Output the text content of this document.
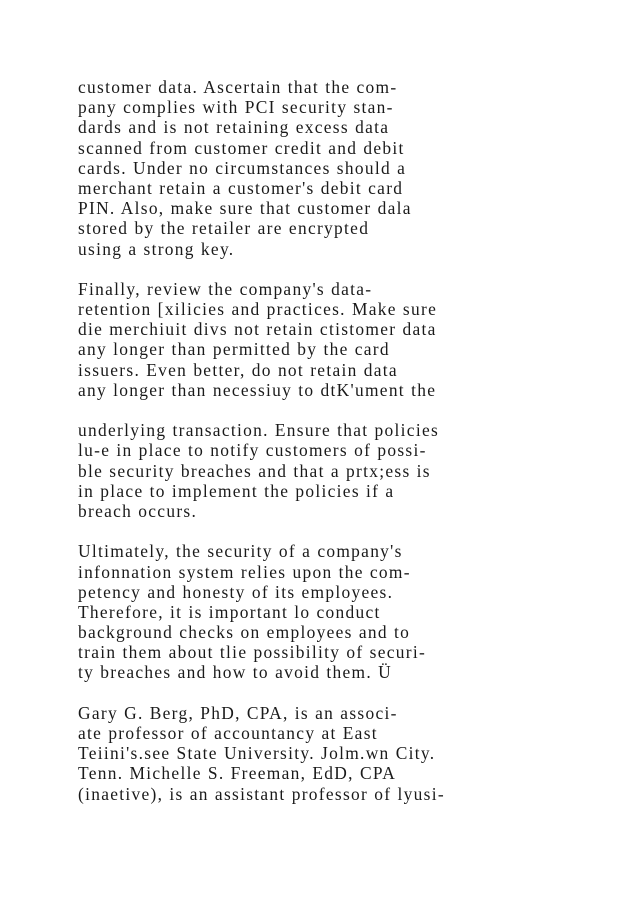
customer data. Ascertain that the com-
pany complies with PCI security stan-
dards and is not retaining excess data
scanned from customer credit and debit
cards. Under no circumstances should a
merchant retain a customer's debit card
PIN. Also, make sure that customer dala
stored by the retailer are encrypted
using a strong key.
Finally, review the company's data-
retention [xilicies and practices. Make sure
die merchiuit divs not retain ctistomer data
any longer than permitted by the card
issuers. Even better, do not retain data
any longer than necessiuy to dtK'ument the
underlying transaction. Ensure that policies
lu-e in place to notify customers of possi-
ble security breaches and that a prtx;ess is
in place to implement the policies if a
breach occurs.
Ultimately, the security of a company's
infonnation system relies upon the com-
petency and honesty of its employees.
Therefore, it is important lo conduct
background checks on employees and to
train them about tlie possibility of securi-
ty breaches and how to avoid them. Ü
Gary G. Berg, PhD, CPA, is an associ-
ate professor of accountancy at East
Teiini's.see State University. Jolm.wn City.
Tenn. Michelle S. Freeman, EdD, CPA
(inaetive), is an assistant professor of lyusi-
